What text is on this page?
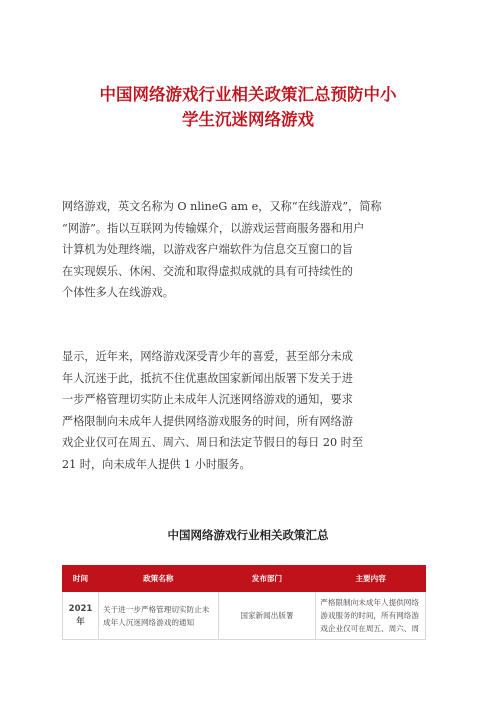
中国网络游戏行业相关政策汇总预防中小
学生沉迷网络游戏
网络游戏，英文名称为 O nlineG am e，又称“在线游戏”，简称
“网游”。指以互联网为传输媒介，以游戏运营商服务器和用户
计算机为处理终端，以游戏客户端软件为信息交互窗口的旨
在实现娱乐、休闲、交流和取得虚拟成就的具有可持续性的
个体性多人在线游戏。
显示，近年来，网络游戏深受青少年的喜爱，甚至部分未成
年人沉迷于此，抵抗不住优惠故国家新闻出版署下发关于进
一步严格管理切实防止未成年人沉迷网络游戏的通知，要求
严格限制向未成年人提供网络游戏服务的时间，所有网络游
戏企业仅可在周五、周六、周日和法定节假日的每日 20 时至
21 时，向未成年人提供 1 小时服务。
中国网络游戏行业相关政策汇总
时间	政策名称	发布部门	主要内容
2021
年	关于进一步严格管理切实防止未成年人沉迷网络游戏的通知	国家新闻出版署	严格限制向未成年人提供网络游戏服务的时间，所有网络游戏企业仅可在周五、周六、周
